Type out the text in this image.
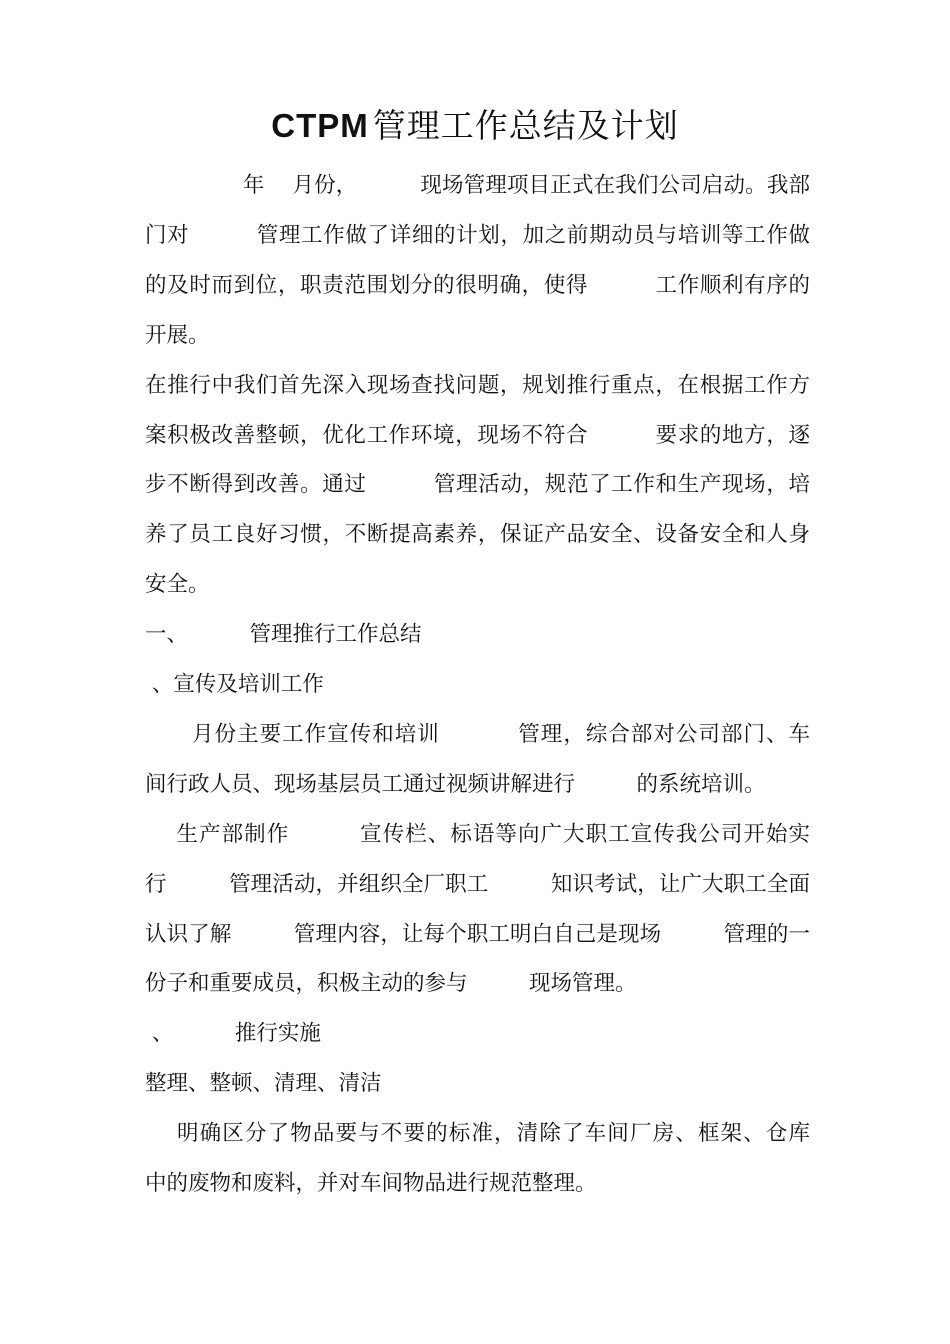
CTPM 管理工作总结及计划
年    月份，         现场管理项目正式在我们公司启动。我部
门对         管理工作做了详细的计划，加之前期动员与培训等工作做
的及时而到位，职责范围划分的很明确，使得         工作顺利有序的
开展。
在推行中我们首先深入现场查找问题，规划推行重点，在根据工作方
案积极改善整顿，优化工作环境，现场不符合         要求的地方，逐
步不断得到改善。通过         管理活动，规范了工作和生产现场，培
养了员工良好习惯，不断提高素养，保证产品安全、设备安全和人身
安全。
一、         管理推行工作总结
、宣传及培训工作
月份主要工作宣传和培训          管理，综合部对公司部门、车
间行政人员、现场基层员工通过视频讲解进行         的系统培训。
生产部制作         宣传栏、标语等向广大职工宣传我公司开始实
行         管理活动，并组织全厂职工         知识考试，让广大职工全面
认识了解         管理内容，让每个职工明白自己是现场         管理的一
份子和重要成员，积极主动的参与         现场管理。
、         推行实施
整理、整顿、清理、清洁
明确区分了物品要与不要的标准，清除了车间厂房、框架、仓库
中的废物和废料，并对车间物品进行规范整理。
